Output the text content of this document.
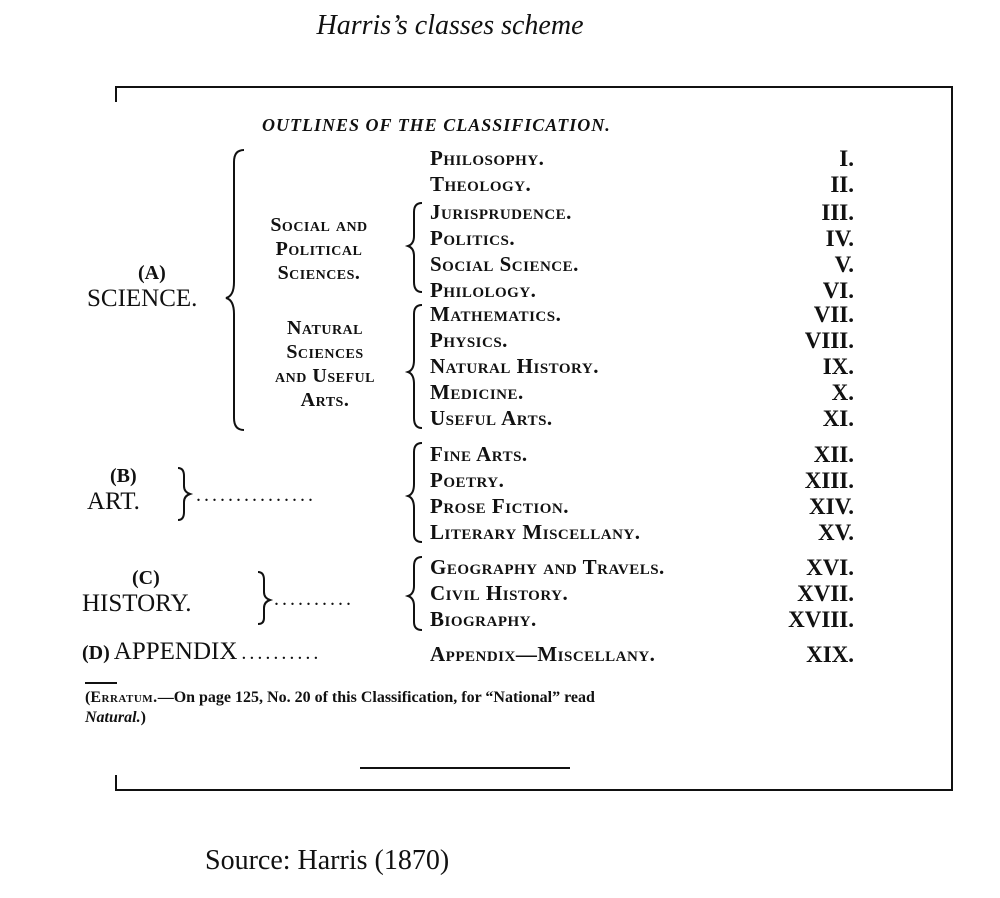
Harris’s classes scheme
OUTLINES OF THE CLASSIFICATION.
(A)
SCIENCE.
(B)
ART.	...............
(C)
HISTORY.	..........
(D) APPENDIX ..........
Social and
Political
Sciences.
Natural
Sciences
and Useful
Arts.
Philosophy.	I.
Theology.	II.
Jurisprudence.	III.
Politics.	IV.
Social Science.	V.
Philology.	VI.
Mathematics.	VII.
Physics.	VIII.
Natural History.	IX.
Medicine.	X.
Useful Arts.	XI.
Fine Arts.	XII.
Poetry.	XIII.
Prose Fiction.	XIV.
Literary Miscellany.	XV.
Geography and Travels.	XVI.
Civil History.	XVII.
Biography.	XVIII.
Appendix—Miscellany.	XIX.
(Erratum.—On page 125, No. 20 of this Classification, for “National” read
Natural.)
Source: Harris (1870)
